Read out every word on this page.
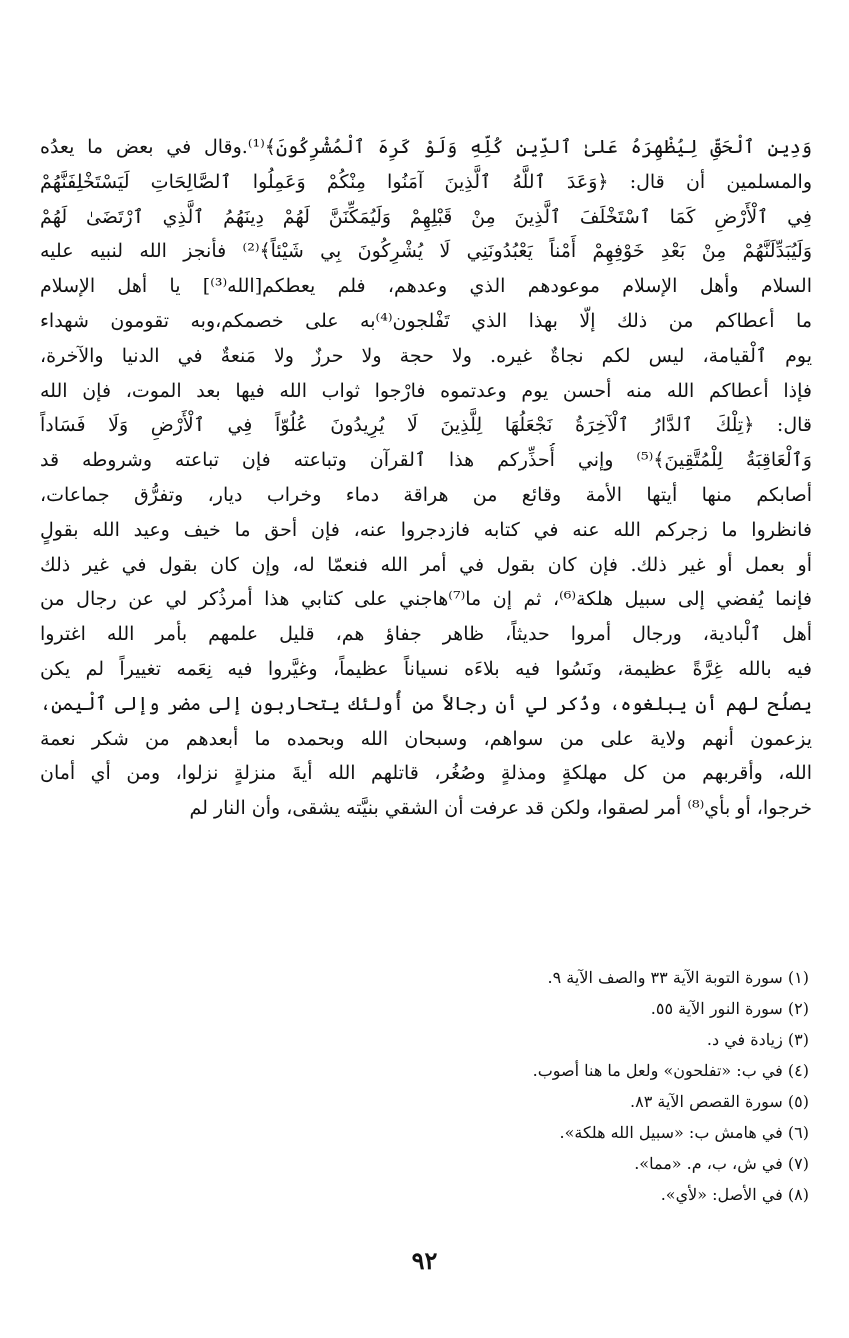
وَدِينِ ٱلْحَقِّ لِيُظْهِرَهُ عَلىٰ ٱلدِّينِ كُلِّهِ وَلَوْ كَرِهَ ٱلْمُشْرِكُونَ﴾⁽¹⁾.وقال في بعض ما يعدُه
والمسلمين أن قال: ﴿وَعَدَ ٱللَّهُ ٱلَّذِينَ آمَنُوا مِنْكُمْ وَعَمِلُوا ٱلصَّالِحَاتِ لَيَسْتَخْلِفَنَّهُمْ
فِي ٱلْأَرْضِ كَمَا ٱسْتَخْلَفَ ٱلَّذِينَ مِنْ قَبْلِهِمْ وَلَيُمَكِّنَنَّ لَهُمْ دِينَهُمُ ٱلَّذِي ٱرْتَضَىٰ لَهُمْ
وَلَيُبَدِّلَنَّهُمْ مِنْ بَعْدِ خَوْفِهِمْ أَمْناً يَعْبُدُونَنِي لَا يُشْرِكُونَ بِي شَيْئاً﴾⁽²⁾ فأنجز الله لنبيه عليه
السلام وأهل الإسلام موعودهم الذي وعدهم، فلم يعطكم[الله⁽³⁾] يا أهل الإسلام
ما أعطاكم من ذلك إلّا بهذا الذي تَفْلجون⁽⁴⁾به على خصمكم،وبه تقومون شهداء
يوم ٱلْقيامة، ليس لكم نجاةٌ غيره. ولا حجة ولا حرزٌ ولا مَنعةٌ في الدنيا والآخرة،
فإذا أعطاكم الله منه أحسن يوم وعدتموه فارْجوا ثواب الله فيها بعد الموت، فإن الله
قال: ﴿تِلْكَ ٱلدَّارُ ٱلْآخِرَةُ نَجْعَلُهَا لِلَّذِينَ لَا يُرِيدُونَ عُلُوّاً فِي ٱلْأَرْضِ وَلَا فَسَاداً
وَٱلْعَاقِبَةُ لِلْمُتَّقِينَ﴾⁽⁵⁾ وإني أُحذِّركم هذا ٱلقرآن وتباعته فإن تباعته وشروطه قد
أصابكم منها أيتها الأمة وقائع من هراقة دماء وخراب ديار، وتفرُّق جماعات،
فانظروا ما زجركم الله عنه في كتابه فازدجروا عنه، فإن أحق ما خيف وعيد الله بقولٍ
أو بعمل أو غير ذلك. فإن كان بقول في أمر الله فنعمّا له، وإن كان بقول في غير ذلك
فإنما يُفضي إلى سبيل هلكة⁽⁶⁾، ثم إن ما⁽⁷⁾هاجني على كتابي هذا أمرذُكر لي عن رجال من
أهل ٱلْبادية، ورجال أمروا حديثاً، ظاهر جفاؤ هم، قليل علمهم بأمر الله اغتروا
فيه بالله غِرَّةً عظيمة، ونَسُوا فيه بلاءَه نسياناً عظيماً، وغيَّروا فيه نِعَمه تغييراً لم يكن
يصلُح لهم أن يبلغوه، وذُكر لي أن رجالاً من أُولئك يتحاربون إلى مضر وإلى ٱلْيمن،
يزعمون أنهم ولاية على من سواهم، وسبحان الله وبحمده ما أبعدهم من شكر نعمة
الله، وأقربهم من كل مهلكةٍ ومذلةٍ وصُغُر، قاتلهم الله أيةَ منزلةٍ نزلوا، ومن أي أمان
خرجوا، أو بأي⁽⁸⁾ أمر لصقوا، ولكن قد عرفت أن الشقي بنيَّته يشقى، وأن النار لم
(١) سورة التوبة الآية ٣٣ والصف الآية ٩.
(٢) سورة النور الآية ٥٥.
(٣) زيادة في د.
(٤) في ب: «تفلحون» ولعل ما هنا أصوب.
(٥) سورة القصص الآية ٨٣.
(٦) في هامش ب: «سبيل الله هلكة».
(٧) في ش، ب، م. «مما».
(٨) في الأصل: «لأي».
٩٢
